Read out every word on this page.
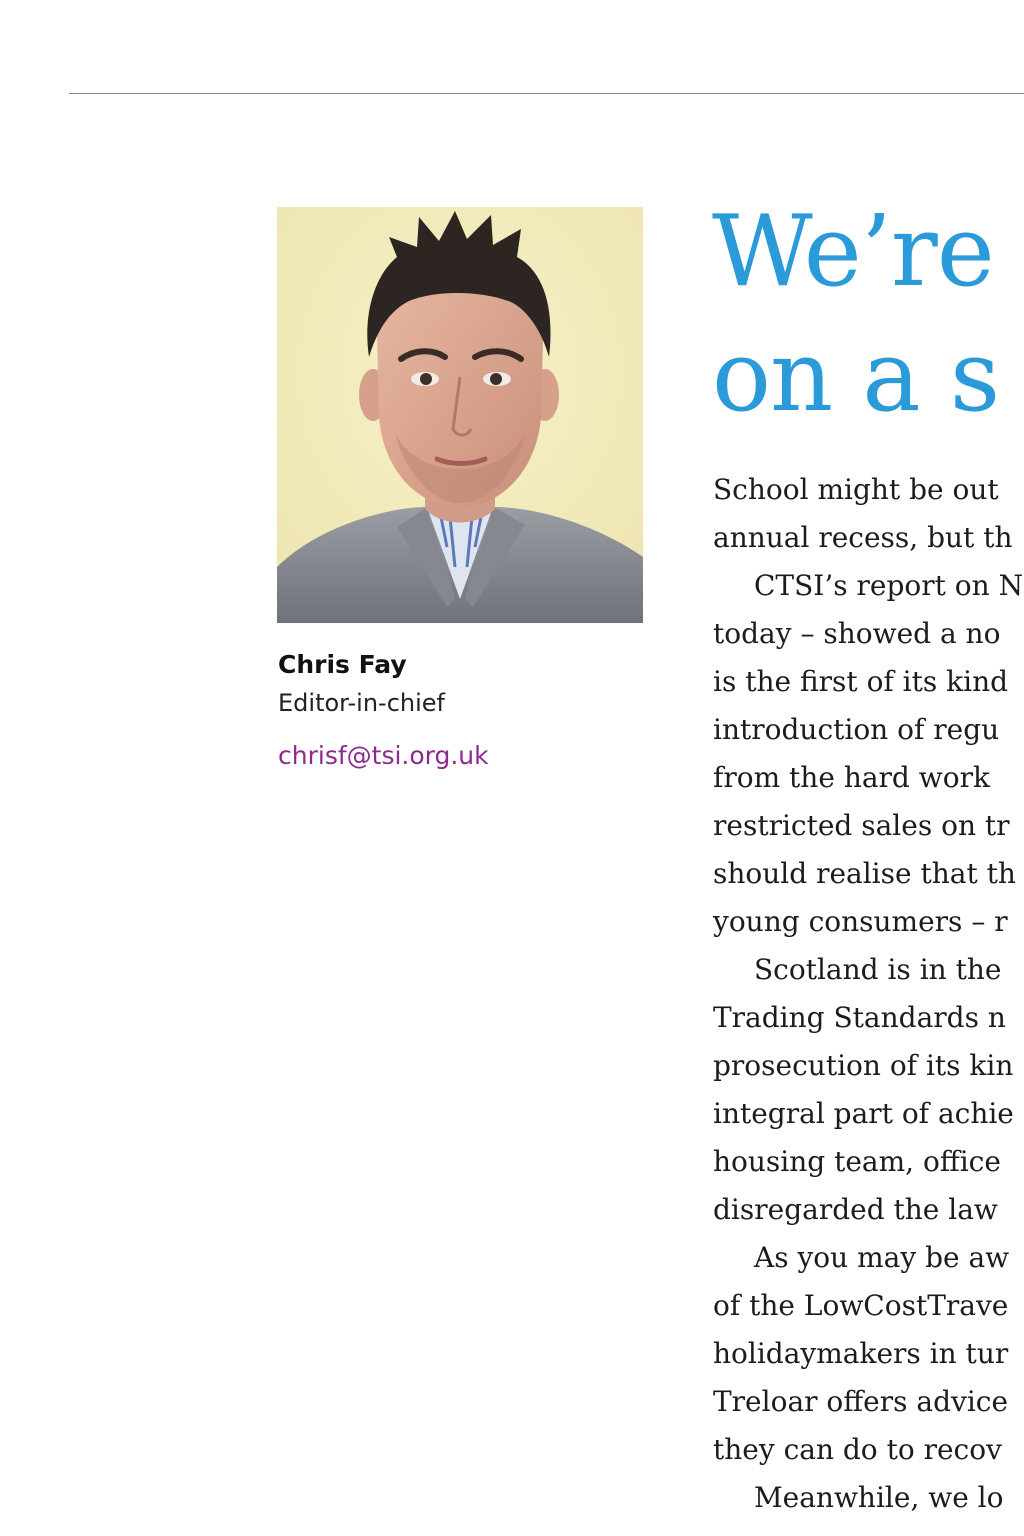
Chris Fay
Editor-in-chief
chrisf@tsi.org.uk
We’re
on a s
School might be out
annual recess, but th
CTSI’s report on N
today – showed a no
is the first of its kind
introduction of regu
from the hard work
restricted sales on tr
should realise that th
young consumers – r
Scotland is in the
Trading Standards n
prosecution of its kin
integral part of achie
housing team, office
disregarded the law
As you may be aw
of the LowCostTrave
holidaymakers in tur
Treloar offers advice
they can do to recov
Meanwhile, we lo
